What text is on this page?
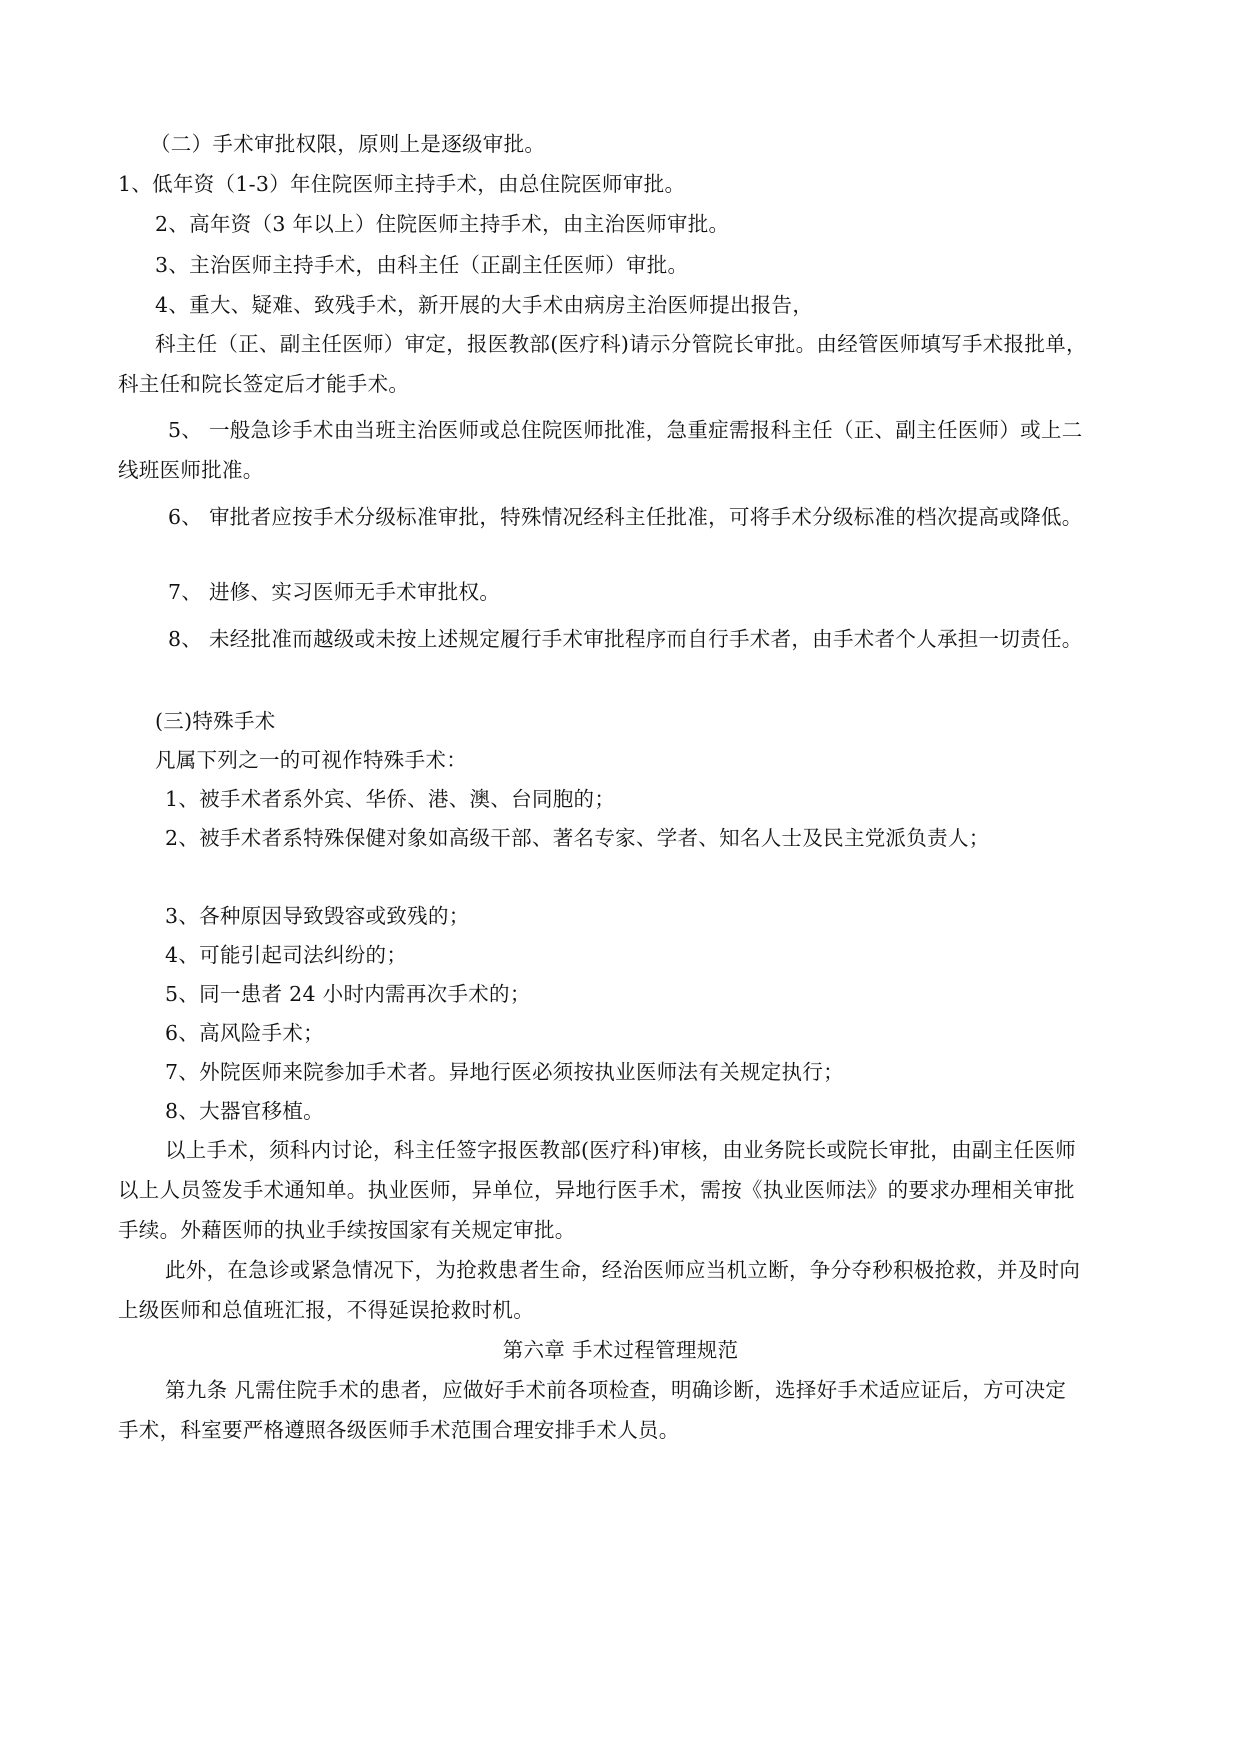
（二）手术审批权限，原则上是逐级审批。
1、低年资（1-3）年住院医师主持手术，由总住院医师审批。
2、高年资（3 年以上）住院医师主持手术，由主治医师审批。
3、主治医师主持手术，由科主任（正副主任医师）审批。
4、重大、疑难、致残手术，新开展的大手术由病房主治医师提出报告，
科主任（正、副主任医师）审定，报医教部(医疗科)请示分管院长审批。由经管医师填写手术报批单，
科主任和院长签定后才能手术。
5、 一般急诊手术由当班主治医师或总住院医师批准，急重症需报科主任（正、副主任医师）或上二
线班医师批准。
6、 审批者应按手术分级标准审批，特殊情况经科主任批准，可将手术分级标准的档次提高或降低。
7、 进修、实习医师无手术审批权。
8、 未经批准而越级或未按上述规定履行手术审批程序而自行手术者，由手术者个人承担一切责任。
(三)特殊手术
凡属下列之一的可视作特殊手术：
1、被手术者系外宾、华侨、港、澳、台同胞的；
2、被手术者系特殊保健对象如高级干部、著名专家、学者、知名人士及民主党派负责人；
3、各种原因导致毁容或致残的；
4、可能引起司法纠纷的；
5、同一患者 24 小时内需再次手术的；
6、高风险手术；
7、外院医师来院参加手术者。异地行医必须按执业医师法有关规定执行；
8、大器官移植。
以上手术，须科内讨论，科主任签字报医教部(医疗科)审核，由业务院长或院长审批，由副主任医师
以上人员签发手术通知单。执业医师，异单位，异地行医手术，需按《执业医师法》的要求办理相关审批
手续。外藉医师的执业手续按国家有关规定审批。
此外，在急诊或紧急情况下，为抢救患者生命，经治医师应当机立断，争分夺秒积极抢救，并及时向
上级医师和总值班汇报，不得延误抢救时机。
第六章 手术过程管理规范
第九条 凡需住院手术的患者，应做好手术前各项检查，明确诊断，选择好手术适应证后，方可决定
手术，科室要严格遵照各级医师手术范围合理安排手术人员。
